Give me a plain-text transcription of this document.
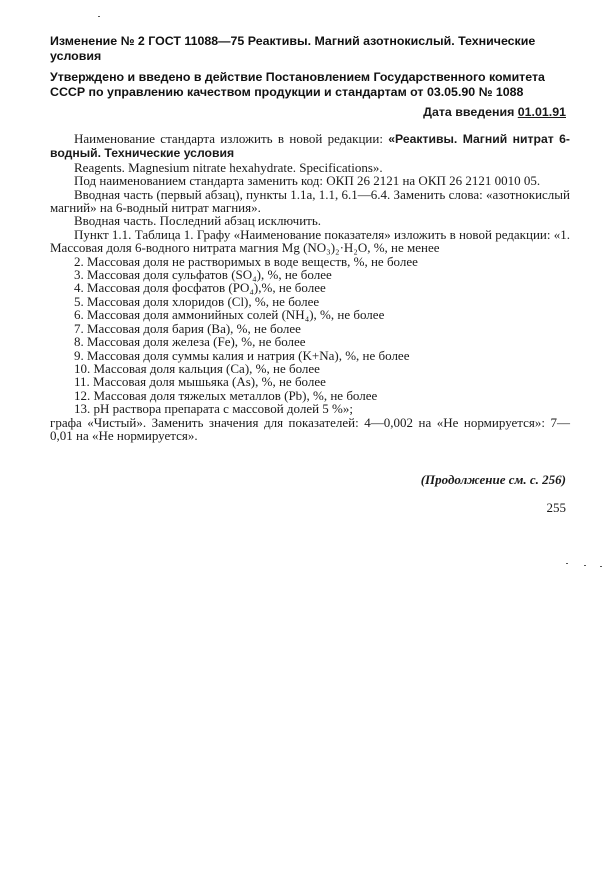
Изменение № 2 ГОСТ 11088—75 Реактивы. Магний азотнокислый. Технические условия
Утверждено и введено в действие Постановлением Государственного комитета СССР по управлению качеством продукции и стандартам от 03.05.90 № 1088
Дата введения 01.01.91

Наименование стандарта изложить в новой редакции: «Реактивы. Магний нитрат 6-водный. Технические условия

Reagents. Magnesium nitrate hexahydrate. Specifications».

Под наименованием стандарта заменить код: ОКП 26 2121 на ОКП 26 2121 0010 05.

Вводная часть (первый абзац), пункты 1.1a, 1.1, 6.1—6.4. Заменить слова: «азотнокислый магний» на 6-водный нитрат магния».

Вводная часть. Последний абзац исключить.

Пункт 1.1. Таблица 1. Графу «Наименование показателя» изложить в новой редакции: «1. Массовая доля 6-водного нитрата магния Mg (NO₃)₂·H₂O, %, не менее

2. Массовая доля не растворимых в воде веществ, %, не более
3. Массовая доля сульфатов (SO₄), %, не более
4. Массовая доля фосфатов (PO₄),%, не более
5. Массовая доля хлоридов (Cl), %, не более
6. Массовая доля аммонийных солей (NH₄), %, не более
7. Массовая доля бария (Ba), %, не более
8. Массовая доля железа (Fe), %, не более
9. Массовая доля суммы калия и натрия (K+Na), %, не более
10. Массовая доля кальция (Ca), %, не более
11. Массовая доля мышьяка (As), %, не более
12. Массовая доля тяжелых металлов (Pb), %, не более
13. pH раствора препарата с массовой долей 5 %»;

графа «Чистый». Заменить значения для показателей: 4—0,002 на «Не нормируется»: 7—0,01 на «Не нормируется».

(Продолжение см. с. 256)
255
